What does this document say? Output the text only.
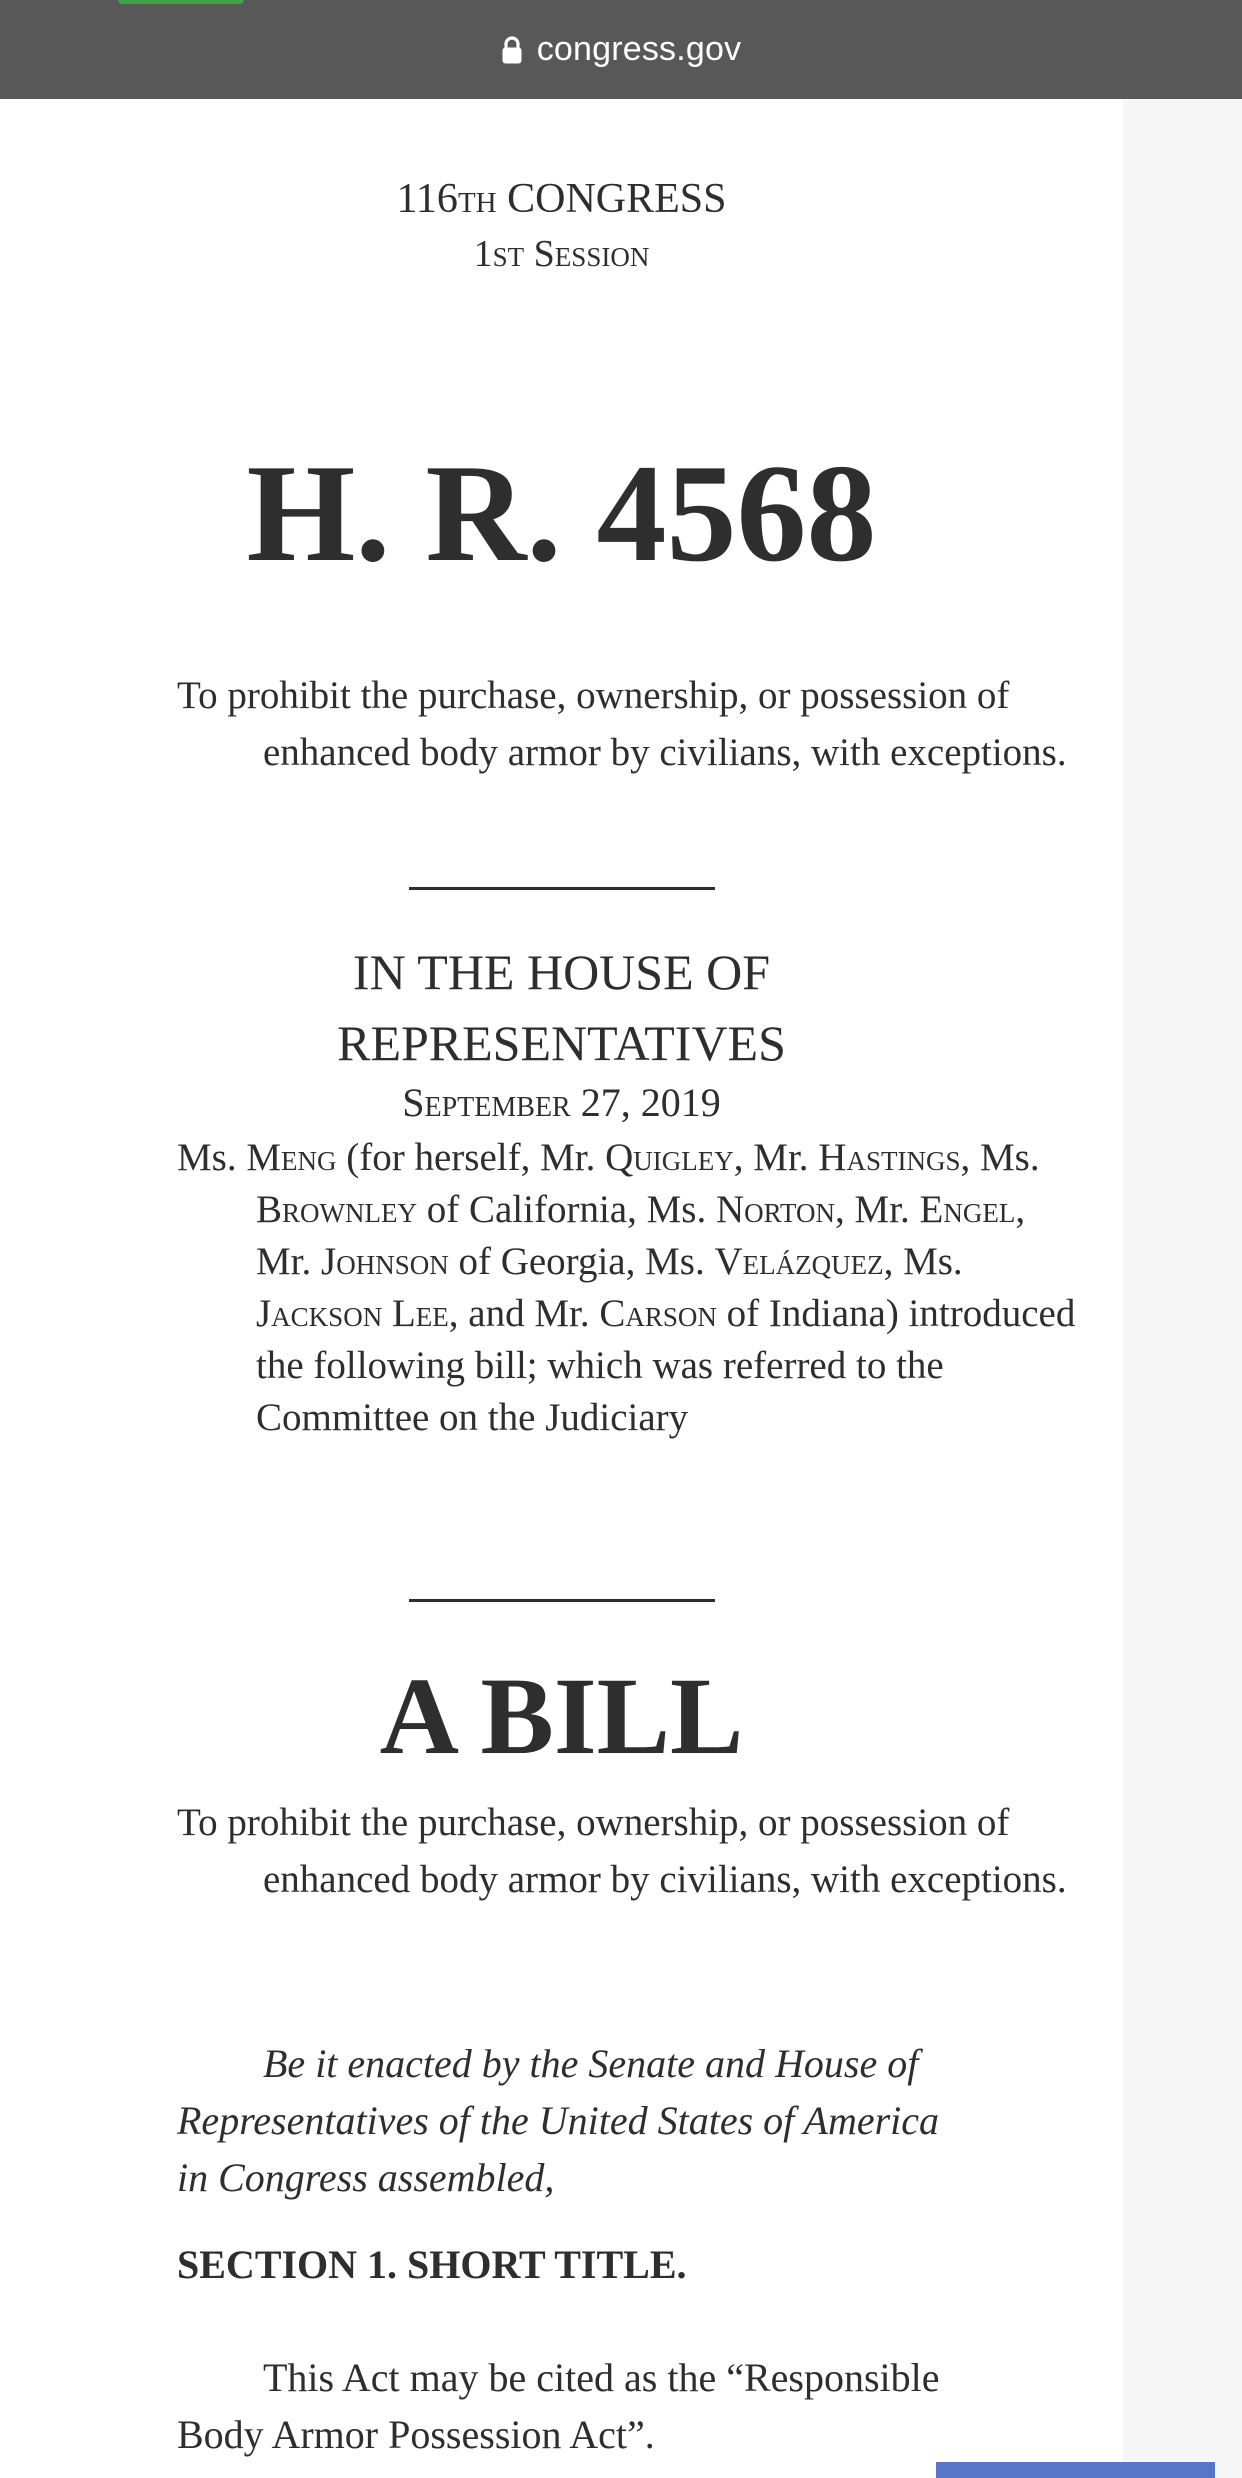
congress.gov
116th CONGRESS
1st Session
H. R. 4568
To prohibit the purchase, ownership, or possession of enhanced body armor by civilians, with exceptions.
IN THE HOUSE OF REPRESENTATIVES
September 27, 2019
Ms. Meng (for herself, Mr. Quigley, Mr. Hastings, Ms. Brownley of California, Ms. Norton, Mr. Engel, Mr. Johnson of Georgia, Ms. Velázquez, Ms. Jackson Lee, and Mr. Carson of Indiana) introduced the following bill; which was referred to the Committee on the Judiciary
A BILL
To prohibit the purchase, ownership, or possession of enhanced body armor by civilians, with exceptions.
Be it enacted by the Senate and House of Representatives of the United States of America in Congress assembled,
SECTION 1. SHORT TITLE.
This Act may be cited as the “Responsible Body Armor Possession Act”.
